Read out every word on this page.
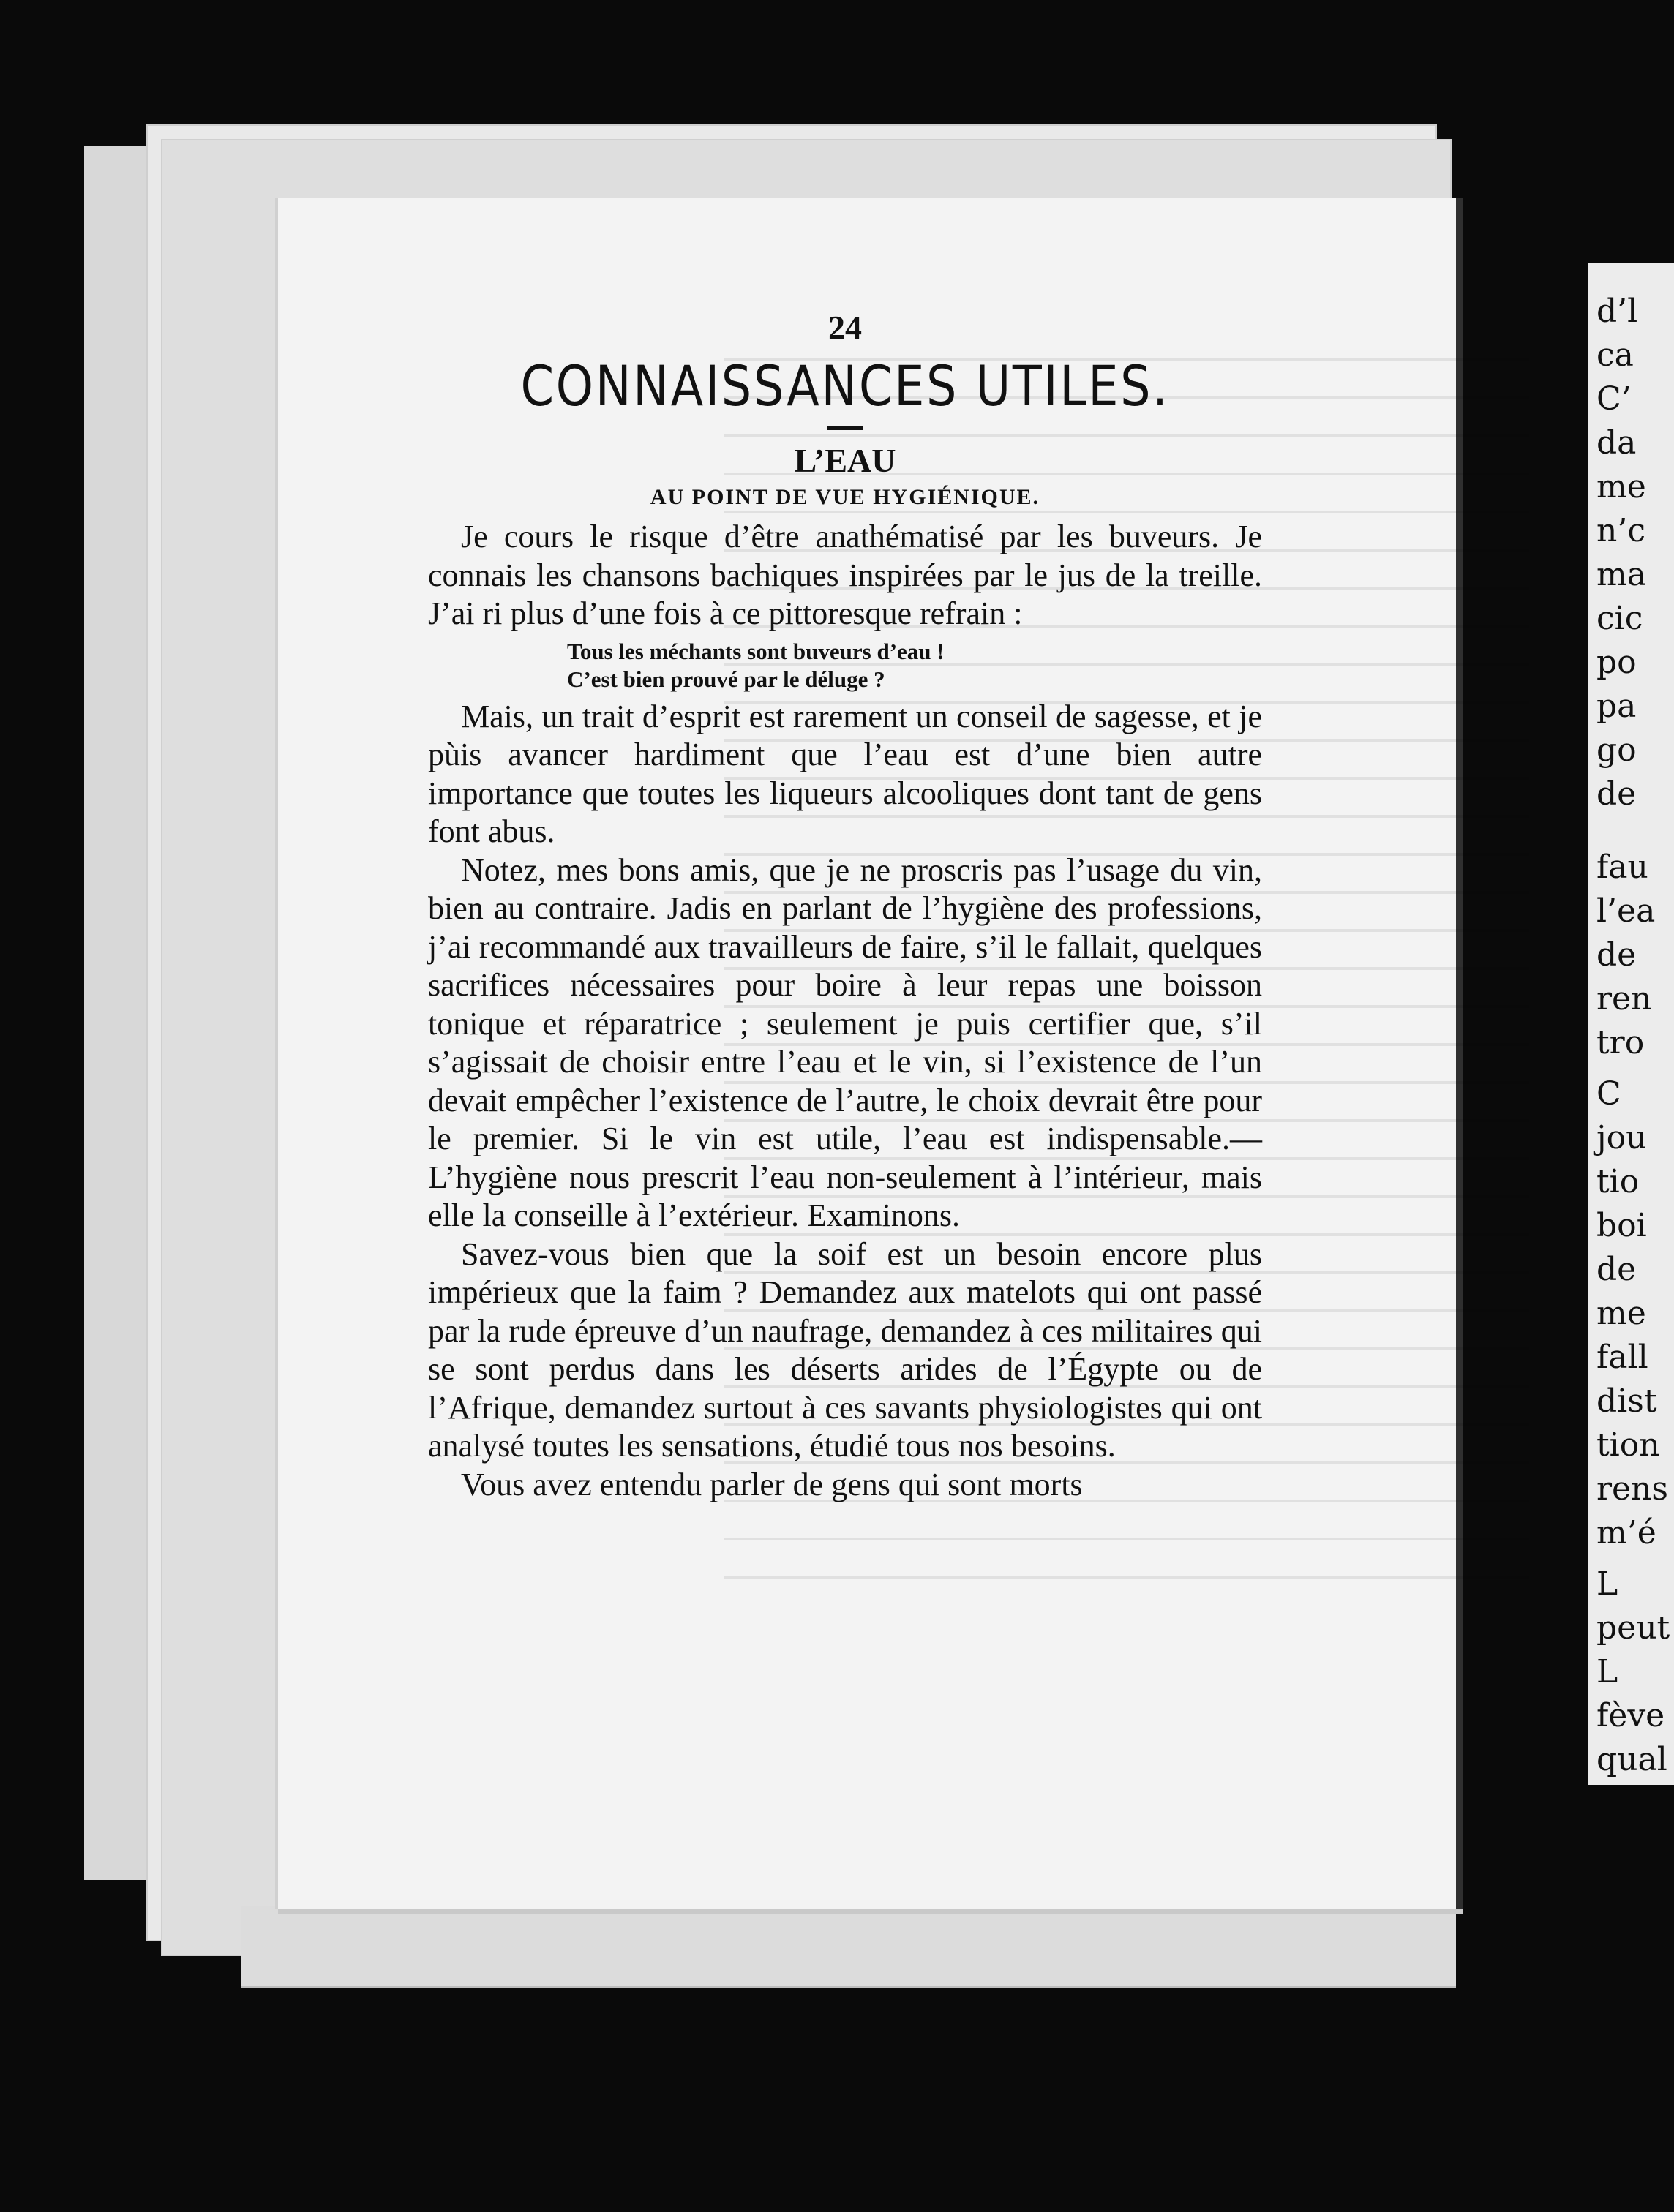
d’l
ca
C’
da
me
n’c
ma
cic
po
pa
go
de
fau
l’ea
de
ren
tro
C
jou
tio
boi
de
me
fall
dist
tion
rens
m’é
L
peut
L
fève
qual
24
CONNAISSANCES UTILES.
L’EAU
AU POINT DE VUE HYGIÉNIQUE.

Je cours le risque d’être anathématisé par les buveurs. Je connais les chansons bachiques inspirées par le jus de la treille. J’ai ri plus d’une fois à ce pittoresque refrain :

Tous les méchants sont buveurs d’eau !
C’est bien prouvé par le déluge ?

Mais, un trait d’esprit est rarement un conseil de sagesse, et je pùis avancer hardiment que l’eau est d’une bien autre importance que toutes les liqueurs alcooliques dont tant de gens font abus.

Notez, mes bons amis, que je ne proscris pas l’usage du vin, bien au contraire. Jadis en parlant de l’hygiène des professions, j’ai recommandé aux travailleurs de faire, s’il le fallait, quelques sacrifices nécessaires pour boire à leur repas une boisson tonique et réparatrice ; seulement je puis certifier que, s’il s’agissait de choisir entre l’eau et le vin, si l’existence de l’un devait empêcher l’existence de l’autre, le choix devrait être pour le premier. Si le vin est utile, l’eau est indispensable.—L’hygiène nous prescrit l’eau non-seulement à l’intérieur, mais elle la conseille à l’extérieur. Examinons.

Savez-vous bien que la soif est un besoin encore plus impérieux que la faim ? Demandez aux matelots qui ont passé par la rude épreuve d’un naufrage, demandez à ces militaires qui se sont perdus dans les déserts arides de l’Égypte ou de l’Afrique, demandez surtout à ces savants physiologistes qui ont analysé toutes les sensations, étudié tous nos besoins.

Vous avez entendu parler de gens qui sont morts
